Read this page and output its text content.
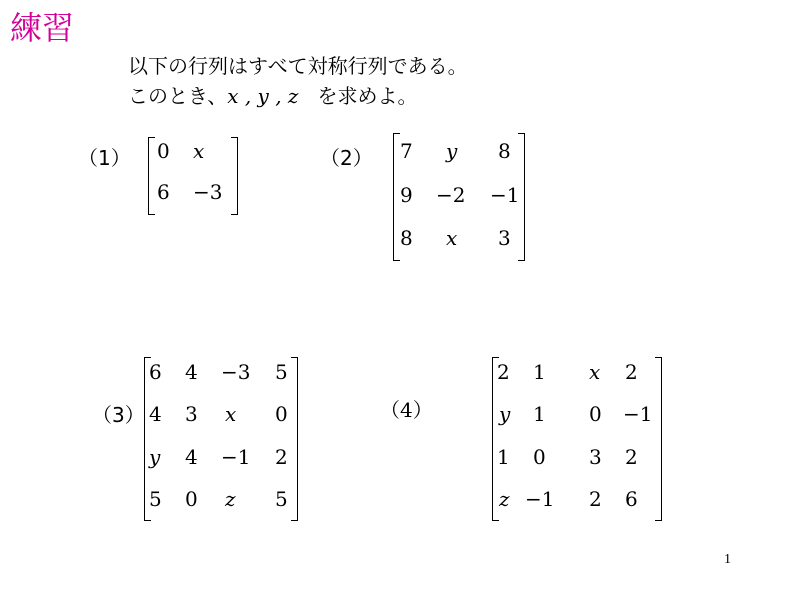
練習
以下の行列はすべて対称行列である。
このとき、x , y , z を求めよ。
（1） 0 x
6 −3
（2） 7 y 8
9 −2 −1
8 x 3
（3）
6 4 −3 5
4 3 x 0
y 4 −1 2
5 0 z 5
（4）
2 1 x 2
y 1 0 −1
1 0 3 2
z −1 2 6
1
